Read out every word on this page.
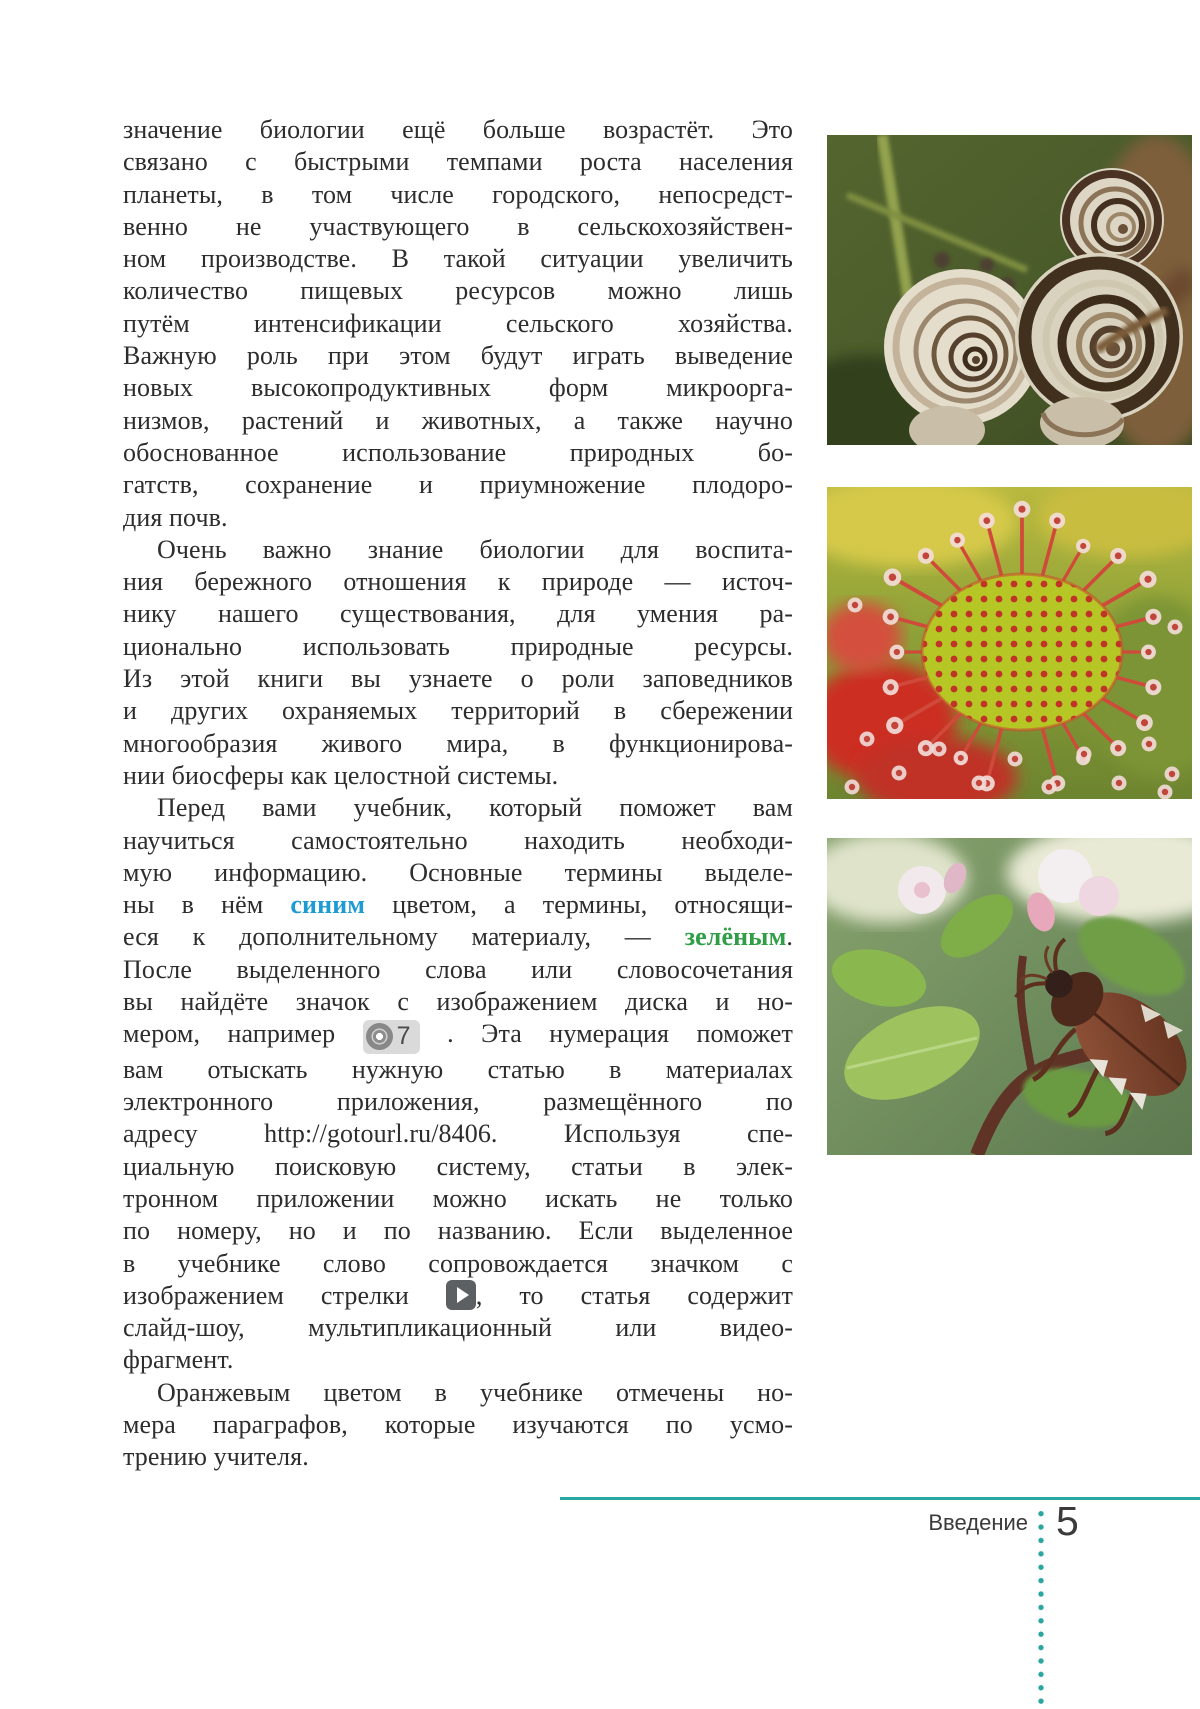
значение биологии ещё больше возрастёт. Это
связано с быстрыми темпами роста населения
планеты, в том числе городского, непосредст-
венно не участвующего в сельскохозяйствен-
ном производстве. В такой ситуации увеличить
количество пищевых ресурсов можно лишь
путём интенсификации сельского хозяйства.
Важную роль при этом будут играть выведение
новых высокопродуктивных форм микроорга-
низмов, растений и животных, а также научно
обоснованное использование природных бо-
гатств, сохранение и приумножение плодоро-
дия почв.
Очень важно знание биологии для воспита-
ния бережного отношения к природе — источ-
нику нашего существования, для умения ра-
ционально использовать природные ресурсы.
Из этой книги вы узнаете о роли заповедников
и других охраняемых территорий в сбережении
многообразия живого мира, в функционирова-
нии биосферы как целостной системы.
Перед вами учебник, который поможет вам
научиться самостоятельно находить необходи-
мую информацию. Основные термины выделе-
ны в нём синим цветом, а термины, относящи-
еся к дополнительному материалу, — зелёным.
После выделенного слова или словосочетания
вы найдёте значок с изображением диска и но-
мером, например 7 . Эта нумерация поможет
вам отыскать нужную статью в материалах
электронного приложения, размещённого по
адресу http://gotourl.ru/8406. Используя спе-
циальную поисковую систему, статьи в элек-
тронном приложении можно искать не только
по номеру, но и по названию. Если выделенное
в учебнике слово сопровождается значком с
изображением стрелки , то статья содержит
слайд-шоу, мультипликационный или видео-
фрагмент.
Оранжевым цветом в учебнике отмечены но-
мера параграфов, которые изучаются по усмо-
трению учителя.
Введение 5
